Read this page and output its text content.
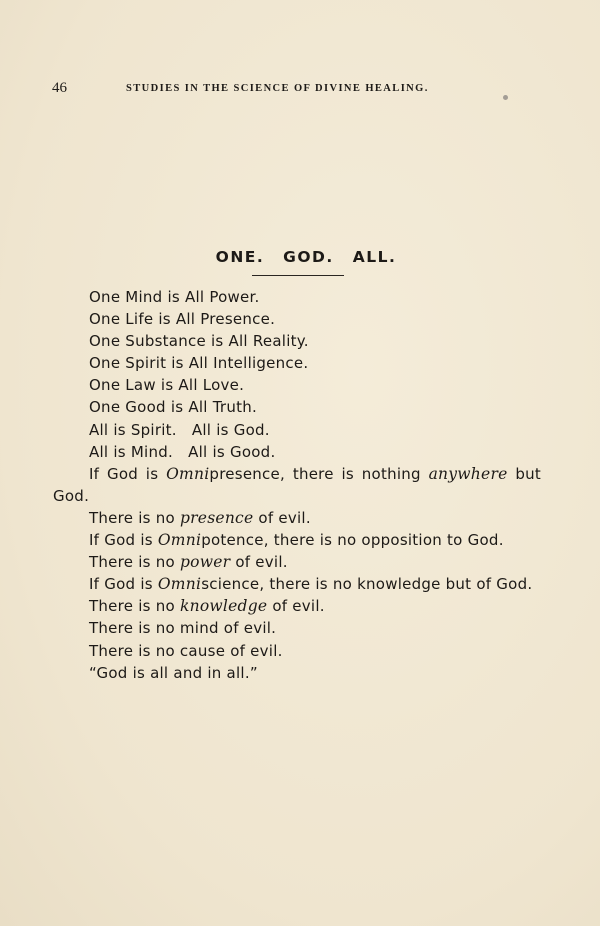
46	STUDIES IN THE SCIENCE OF DIVINE HEALING.
ONE. GOD. ALL.
One Mind is All Power.
One Life is All Presence.
One Substance is All Reality.
One Spirit is All Intelligence.
One Law is All Love.
One Good is All Truth.
All is Spirit.   All is God.
All is Mind.   All is Good.
If God is Omnipresence, there is nothing anywhere but God.
There is no presence of evil.
If God is Omnipotence, there is no opposition to God.
There is no power of evil.
If God is Omniscience, there is no knowledge but of God.
There is no knowledge of evil.
There is no mind of evil.
There is no cause of evil.
“God is all and in all.”
